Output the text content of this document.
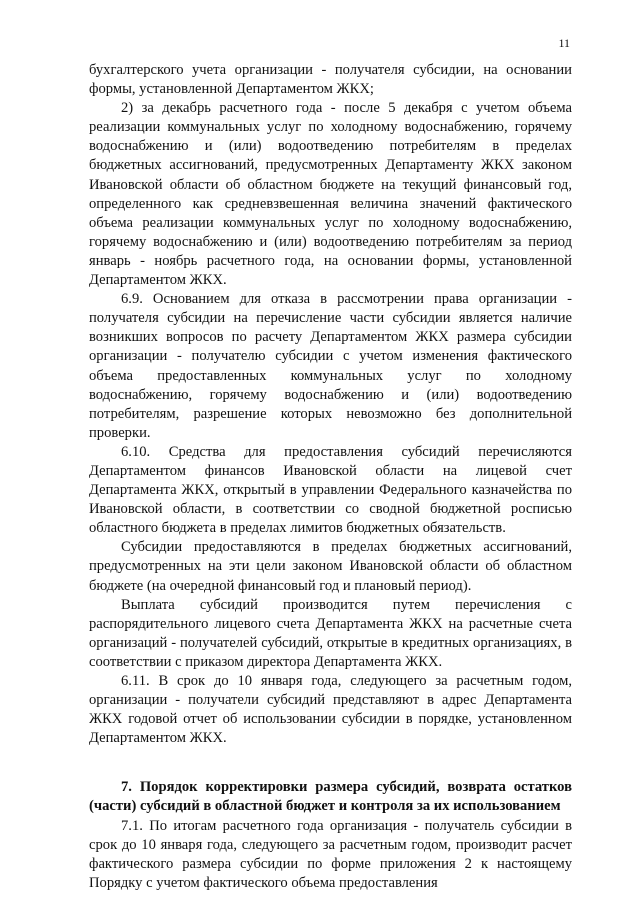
11

бухгалтерского учета организации - получателя субсидии, на основании формы, установленной Департаментом ЖКХ;

2) за декабрь расчетного года - после 5 декабря с учетом объема реализации коммунальных услуг по холодному водоснабжению, горячему водоснабжению и (или) водоотведению потребителям в пределах бюджетных ассигнований, предусмотренных Департаменту ЖКХ законом Ивановской области об областном бюджете на текущий финансовый год, определенного как средневзвешенная величина значений фактического объема реализации коммунальных услуг по холодному водоснабжению, горячему водоснабжению и (или) водоотведению потребителям за период январь - ноябрь расчетного года, на основании формы, установленной Департаментом ЖКХ.

6.9. Основанием для отказа в рассмотрении права организации - получателя субсидии на перечисление части субсидии является наличие возникших вопросов по расчету Департаментом ЖКХ размера субсидии организации - получателю субсидии с учетом изменения фактического объема предоставленных коммунальных услуг по холодному водоснабжению, горячему водоснабжению и (или) водоотведению потребителям, разрешение которых невозможно без дополнительной проверки.

6.10. Средства для предоставления субсидий перечисляются Департаментом финансов Ивановской области на лицевой счет Департамента ЖКХ, открытый в управлении Федерального казначейства по Ивановской области, в соответствии со сводной бюджетной росписью областного бюджета в пределах лимитов бюджетных обязательств.

Субсидии предоставляются в пределах бюджетных ассигнований, предусмотренных на эти цели законом Ивановской области об областном бюджете (на очередной финансовый год и плановый период).

Выплата субсидий производится путем перечисления с распорядительного лицевого счета Департамента ЖКХ на расчетные счета организаций - получателей субсидий, открытые в кредитных организациях, в соответствии с приказом директора Департамента ЖКХ.

6.11. В срок до 10 января года, следующего за расчетным годом, организации - получатели субсидий представляют в адрес Департамента ЖКХ годовой отчет об использовании субсидии в порядке, установленном Департаментом ЖКХ.

7. Порядок корректировки размера субсидий, возврата остатков (части) субсидий в областной бюджет и контроля за их использованием

7.1. По итогам расчетного года организация - получатель субсидии в срок до 10 января года, следующего за расчетным годом, производит расчет фактического размера субсидии по форме приложения 2 к настоящему Порядку с учетом фактического объема предоставления
